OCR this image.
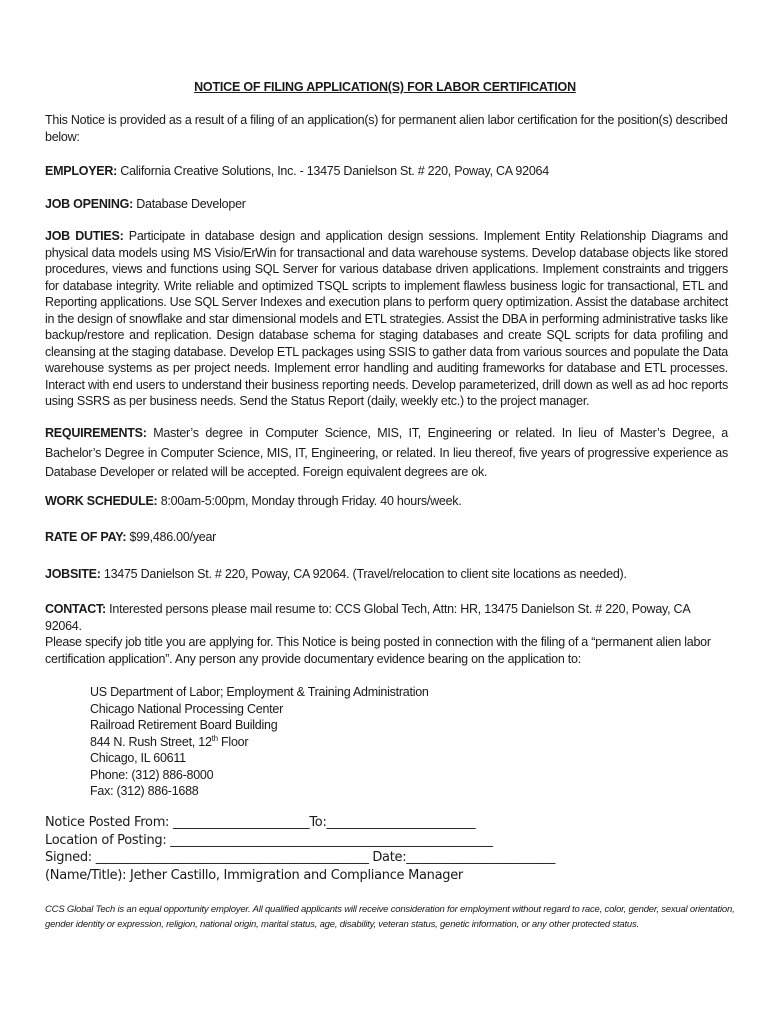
NOTICE OF FILING APPLICATION(S) FOR LABOR CERTIFICATION

This Notice is provided as a result of a filing of an application(s) for permanent alien labor certification for the position(s) described below:

EMPLOYER: California Creative Solutions, Inc. - 13475 Danielson St. # 220, Poway, CA 92064

JOB OPENING: Database Developer

JOB DUTIES: Participate in database design and application design sessions. Implement Entity Relationship Diagrams and physical data models using MS Visio/ErWin for transactional and data warehouse systems. Develop database objects like stored procedures, views and functions using SQL Server for various database driven applications. Implement constraints and triggers for database integrity. Write reliable and optimized TSQL scripts to implement flawless business logic for transactional, ETL and Reporting applications. Use SQL Server Indexes and execution plans to perform query optimization. Assist the database architect in the design of snowflake and star dimensional models and ETL strategies. Assist the DBA in performing administrative tasks like backup/restore and replication. Design database schema for staging databases and create SQL scripts for data profiling and cleansing at the staging database. Develop ETL packages using SSIS to gather data from various sources and populate the Data warehouse systems as per project needs. Implement error handling and auditing frameworks for database and ETL processes. Interact with end users to understand their business reporting needs. Develop parameterized, drill down as well as ad hoc reports using SSRS as per business needs. Send the Status Report (daily, weekly etc.) to the project manager.

REQUIREMENTS: Master’s degree in Computer Science, MIS, IT, Engineering or related. In lieu of Master’s Degree, a Bachelor’s Degree in Computer Science, MIS, IT, Engineering, or related. In lieu thereof, five years of progressive experience as Database Developer or related will be accepted. Foreign equivalent degrees are ok.

WORK SCHEDULE: 8:00am-5:00pm, Monday through Friday. 40 hours/week.

RATE OF PAY: $99,486.00/year

JOBSITE: 13475 Danielson St. # 220, Poway, CA 92064. (Travel/relocation to client site locations as needed).

CONTACT: Interested persons please mail resume to: CCS Global Tech, Attn: HR, 13475 Danielson St. # 220, Poway, CA 92064.

Please specify job title you are applying for. This Notice is being posted in connection with the filing of a “permanent alien labor certification application”. Any person any provide documentary evidence bearing on the application to:

US Department of Labor; Employment & Training Administration
Chicago National Processing Center
Railroad Retirement Board Building
844 N. Rush Street, 12th Floor
Chicago, IL 60611
Phone: (312) 886-8000
Fax: (312) 886-1688
Notice Posted From: ______________________To:________________________
Location of Posting: ____________________________________________________
Signed: ____________________________________________ Date:________________________
(Name/Title): Jether Castillo, Immigration and Compliance Manager
CCS Global Tech is an equal opportunity employer. All qualified applicants will receive consideration for employment without regard to race, color, gender, sexual orientation, gender identity or expression, religion, national origin, marital status, age, disability, veteran status, genetic information, or any other protected status.
